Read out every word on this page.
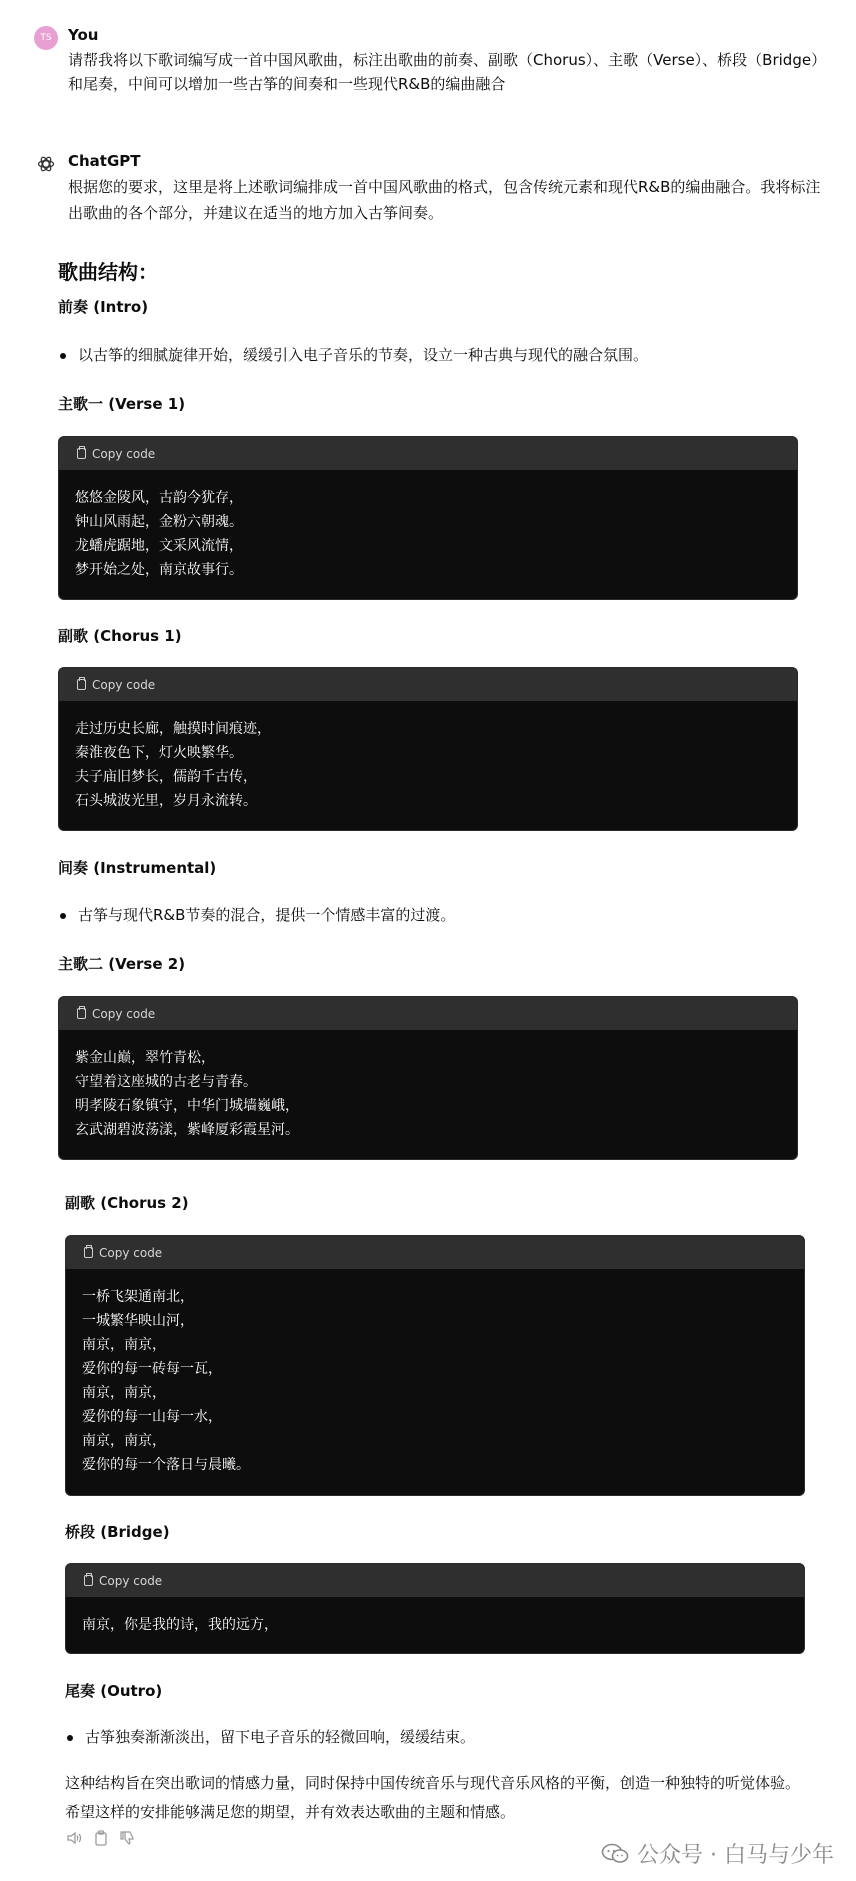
TS You
请帮我将以下歌词编写成一首中国风歌曲，标注出歌曲的前奏、副歌（Chorus）、主歌（Verse）、桥段（Bridge）和尾奏，中间可以增加一些古筝的间奏和一些现代R&B的编曲融合
ChatGPT
根据您的要求，这里是将上述歌词编排成一首中国风歌曲的格式，包含传统元素和现代R&B的编曲融合。我将标注出歌曲的各个部分，并建议在适当的地方加入古筝间奏。
歌曲结构：
前奏 (Intro)
以古筝的细腻旋律开始，缓缓引入电子音乐的节奏，设立一种古典与现代的融合氛围。
主歌一 (Verse 1)
Copy code
悠悠金陵风，古韵今犹存，
钟山风雨起，金粉六朝魂。
龙蟠虎踞地，文采风流情，
梦开始之处，南京故事行。
副歌 (Chorus 1)
Copy code
走过历史长廊，触摸时间痕迹，
秦淮夜色下，灯火映繁华。
夫子庙旧梦长，儒韵千古传，
石头城波光里，岁月永流转。
间奏 (Instrumental)
古筝与现代R&B节奏的混合，提供一个情感丰富的过渡。
主歌二 (Verse 2)
Copy code
紫金山巅，翠竹青松，
守望着这座城的古老与青春。
明孝陵石象镇守，中华门城墙巍峨，
玄武湖碧波荡漾，紫峰厦彩霞星河。
副歌 (Chorus 2)
Copy code
一桥飞架通南北，
一城繁华映山河，
南京，南京，
爱你的每一砖每一瓦，
南京，南京，
爱你的每一山每一水，
南京，南京，
爱你的每一个落日与晨曦。
桥段 (Bridge)
Copy code
南京，你是我的诗，我的远方，
尾奏 (Outro)
古筝独奏渐渐淡出，留下电子音乐的轻微回响，缓缓结束。
这种结构旨在突出歌词的情感力量，同时保持中国传统音乐与现代音乐风格的平衡，创造一种独特的听觉体验。希望这样的安排能够满足您的期望，并有效表达歌曲的主题和情感。
公众号 · 白马与少年
